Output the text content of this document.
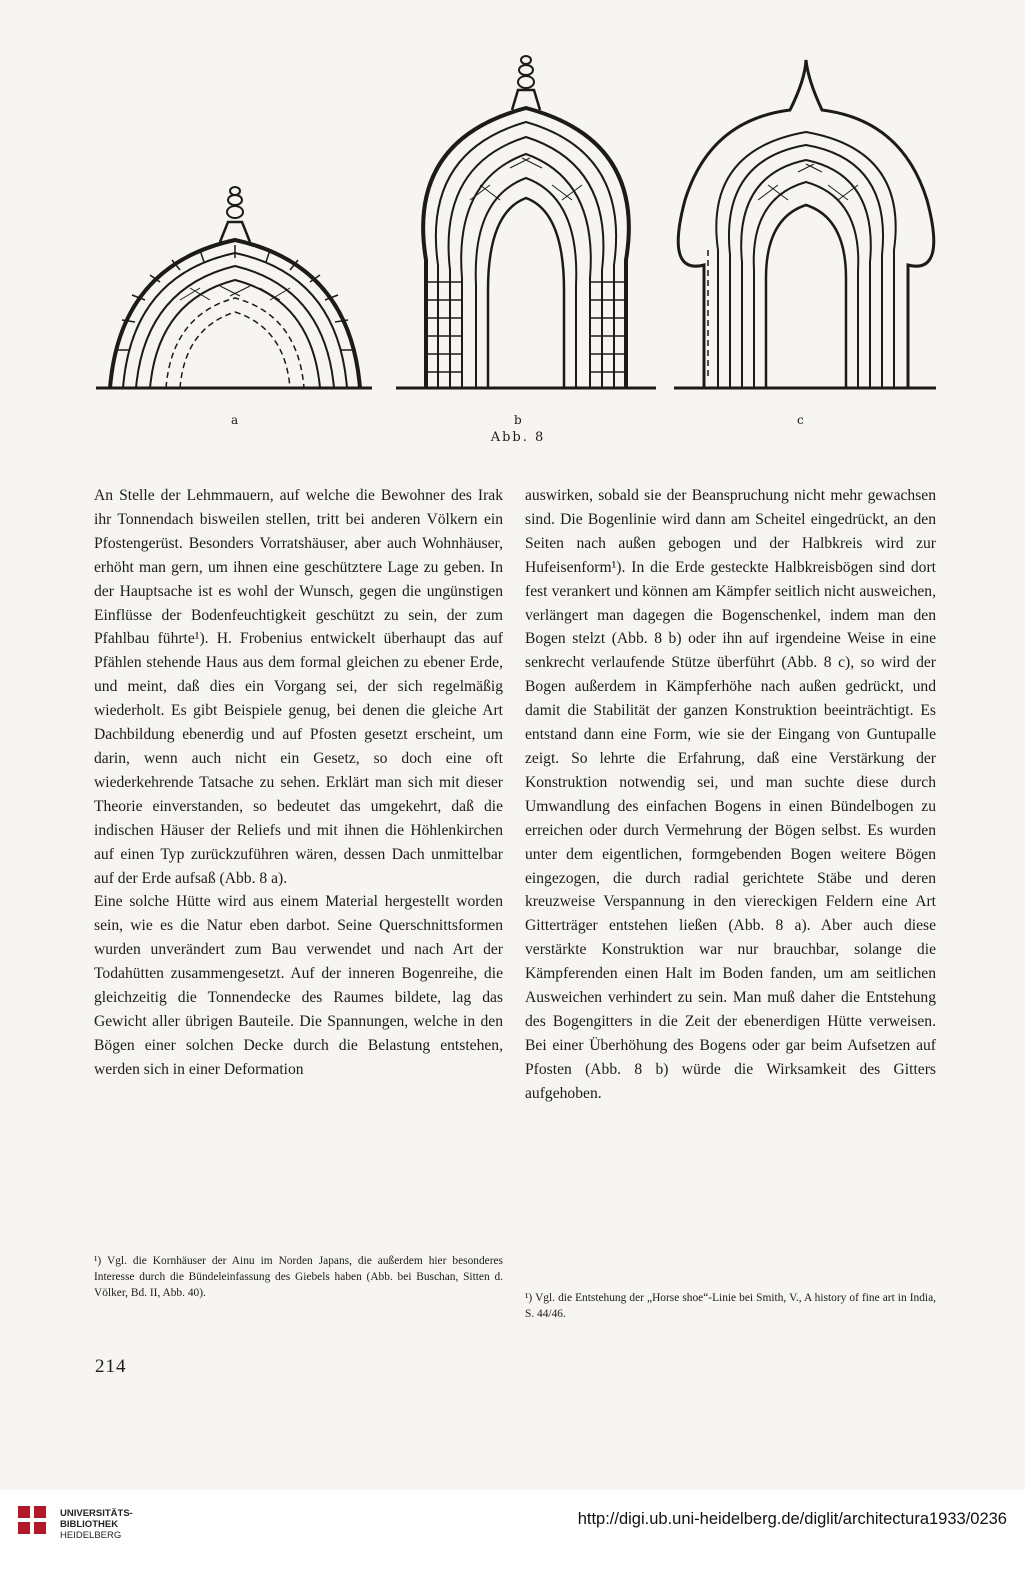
a	b	c
Abb. 8

An Stelle der Lehmmauern, auf welche die Bewohner des Irak ihr Tonnendach bisweilen stellen, tritt bei anderen Völkern ein Pfostengerüst. Besonders Vorratshäuser, aber auch Wohnhäuser, erhöht man gern, um ihnen eine geschütztere Lage zu geben. In der Hauptsache ist es wohl der Wunsch, gegen die ungünstigen Einflüsse der Bodenfeuchtigkeit geschützt zu sein, der zum Pfahlbau führte¹). H. Frobenius entwickelt überhaupt das auf Pfählen stehende Haus aus dem formal gleichen zu ebener Erde, und meint, daß dies ein Vorgang sei, der sich regelmäßig wiederholt. Es gibt Beispiele genug, bei denen die gleiche Art Dachbildung ebenerdig und auf Pfosten gesetzt erscheint, um darin, wenn auch nicht ein Gesetz, so doch eine oft wiederkehrende Tatsache zu sehen. Erklärt man sich mit dieser Theorie einverstanden, so bedeutet das umgekehrt, daß die indischen Häuser der Reliefs und mit ihnen die Höhlenkirchen auf einen Typ zurückzuführen wären, dessen Dach unmittelbar auf der Erde aufsaß (Abb. 8 a).

Eine solche Hütte wird aus einem Material hergestellt worden sein, wie es die Natur eben darbot. Seine Querschnittsformen wurden unverändert zum Bau verwendet und nach Art der Todahütten zusammengesetzt. Auf der inneren Bogenreihe, die gleichzeitig die Tonnendecke des Raumes bildete, lag das Gewicht aller übrigen Bauteile. Die Spannungen, welche in den Bögen einer solchen Decke durch die Belastung entstehen, werden sich in einer Deformation

auswirken, sobald sie der Beanspruchung nicht mehr gewachsen sind. Die Bogenlinie wird dann am Scheitel eingedrückt, an den Seiten nach außen gebogen und der Halbkreis wird zur Hufeisenform¹). In die Erde gesteckte Halbkreisbögen sind dort fest verankert und können am Kämpfer seitlich nicht ausweichen, verlängert man dagegen die Bogenschenkel, indem man den Bogen stelzt (Abb. 8 b) oder ihn auf irgendeine Weise in eine senkrecht verlaufende Stütze überführt (Abb. 8 c), so wird der Bogen außerdem in Kämpferhöhe nach außen gedrückt, und damit die Stabilität der ganzen Konstruktion beeinträchtigt. Es entstand dann eine Form, wie sie der Eingang von Guntupalle zeigt. So lehrte die Erfahrung, daß eine Verstärkung der Konstruktion notwendig sei, und man suchte diese durch Umwandlung des einfachen Bogens in einen Bündelbogen zu erreichen oder durch Vermehrung der Bögen selbst. Es wurden unter dem eigentlichen, formgebenden Bogen weitere Bögen eingezogen, die durch radial gerichtete Stäbe und deren kreuzweise Verspannung in den viereckigen Feldern eine Art Gitterträger entstehen ließen (Abb. 8 a). Aber auch diese verstärkte Konstruktion war nur brauchbar, solange die Kämpferenden einen Halt im Boden fanden, um am seitlichen Ausweichen verhindert zu sein. Man muß daher die Entstehung des Bogengitters in die Zeit der ebenerdigen Hütte verweisen. Bei einer Überhöhung des Bogens oder gar beim Aufsetzen auf Pfosten (Abb. 8 b) würde die Wirksamkeit des Gitters aufgehoben.

¹) Vgl. die Kornhäuser der Ainu im Norden Japans, die außerdem hier besonderes Interesse durch die Bündeleinfassung des Giebels haben (Abb. bei Buschan, Sitten d. Völker, Bd. II, Abb. 40).	¹) Vgl. die Entstehung der „Horse shoe“-Linie bei Smith, V., A history of fine art in India, S. 44/46.
214
UNIVERSITÄTS-
BIBLIOTHEK
HEIDELBERG
http://digi.ub.uni-heidelberg.de/diglit/architectura1933/0236
